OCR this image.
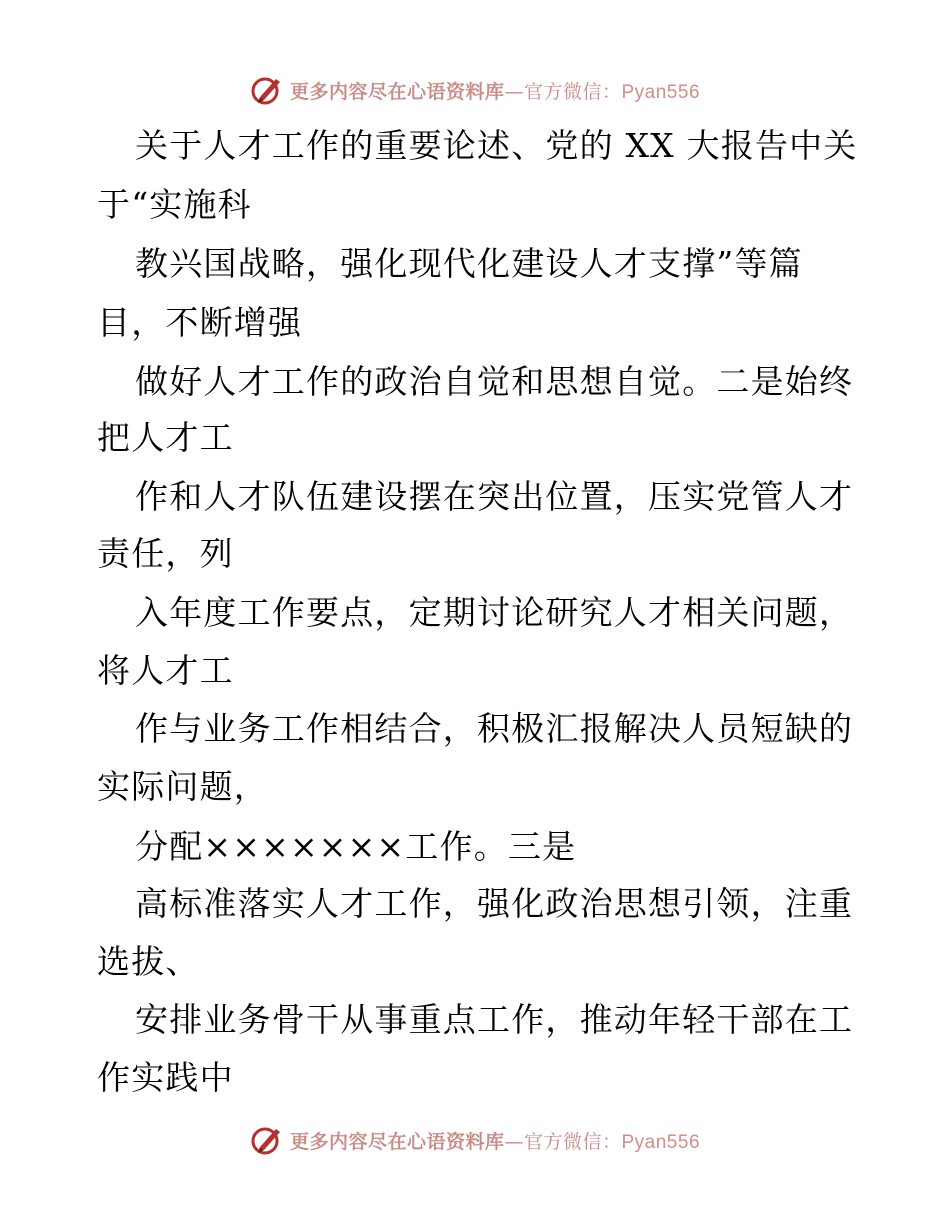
更多内容尽在心语资料库—官方微信：Pyan556
关于人才工作的重要论述、党的 XX 大报告中关
于“实施科
教兴国战略，强化现代化建设人才支撑”等篇
目，不断增强
做好人才工作的政治自觉和思想自觉。二是始终
把人才工
作和人才队伍建设摆在突出位置，压实党管人才
责任，列
入年度工作要点，定期讨论研究人才相关问题，
将人才工
作与业务工作相结合，积极汇报解决人员短缺的
实际问题，
分配×××××××工作。三是
高标准落实人才工作，强化政治思想引领，注重
选拔、
安排业务骨干从事重点工作，推动年轻干部在工
作实践中
更多内容尽在心语资料库—官方微信：Pyan556
